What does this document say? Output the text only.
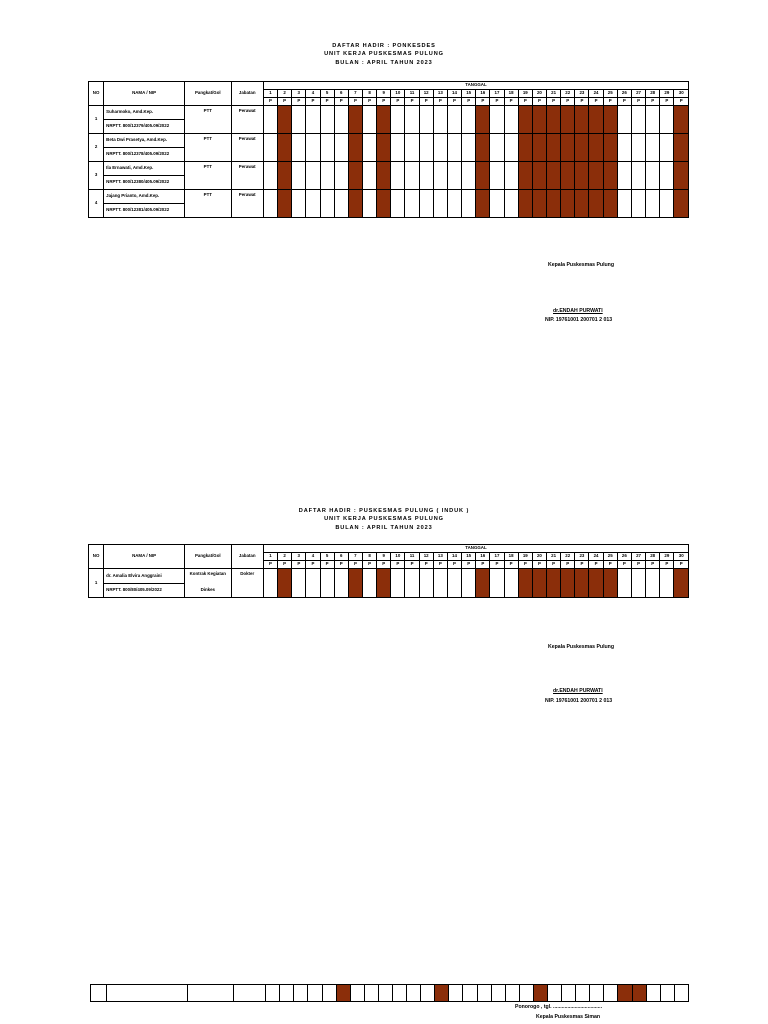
DAFTAR HADIR : PONKESDES
UNIT KERJA PUSKESMAS PULUNG
BULAN : APRIL TAHUN 2023
NO	NAMA / NIP	Pangkat/Gol	Jabatan	TANGGAL																													
				1	2	3	4	5	6	7	8	9	10	11	12	13	14	15	16	17	18	19	20	21	22	23	24	25	26	27	28	29	30
				P	P	P	P	P	P	P	P	P	P	P	P	P	P	P	P	P	P	P	P	P	P	P	P	P	P	P	P	P	P
1	Suharmoko, Amd.Kep.	PTT	Perawat																														
	NRPTT. 800/12379/405.09/2022																																
2	Beta Dwi Prasetya, Amd.Kep.	PTT	Perawat																														
	NRPTT. 800/12378/405.09/2022																																
3	Ila Ernawati, Amd.Kep.	PTT	Perawat																														
	NRPTT. 800/12380/405.09/2022																																
4	Jajang Prianto, Amd.Kep.	PTT	Perawat																														
	NRPTT. 800/12381/405.09/2022																																
Kepala Puskesmas Pulung
dr.ENDAH PURWATI
NIP. 19761001 200701 2 013
DAFTAR HADIR : PUSKESMAS PULUNG ( INDUK )
UNIT KERJA PUSKESMAS PULUNG
BULAN : APRIL TAHUN 2023
NO	NAMA / NIP	Pangkat/Gol	Jabatan	TANGGAL																													
				1	2	3	4	5	6	7	8	9	10	11	12	13	14	15	16	17	18	19	20	21	22	23	24	25	26	27	28	29	30
				P	P	P	P	P	P	P	P	P	P	P	P	P	P	P	P	P	P	P	P	P	P	P	P	P	P	P	P	P	P
1	dr. Amalia Elvira Anggraini	Kontrak Kegiatan	Dokter																														
	NRPTT. 800/80/405.09/2022	Dinkes																															
Kepala Puskesmas Pulung
dr.ENDAH PURWATI
NIP. 19761001 200701 2 013

Ponorogo , tgl. ..................................
Kepala Puskesmas Siman
